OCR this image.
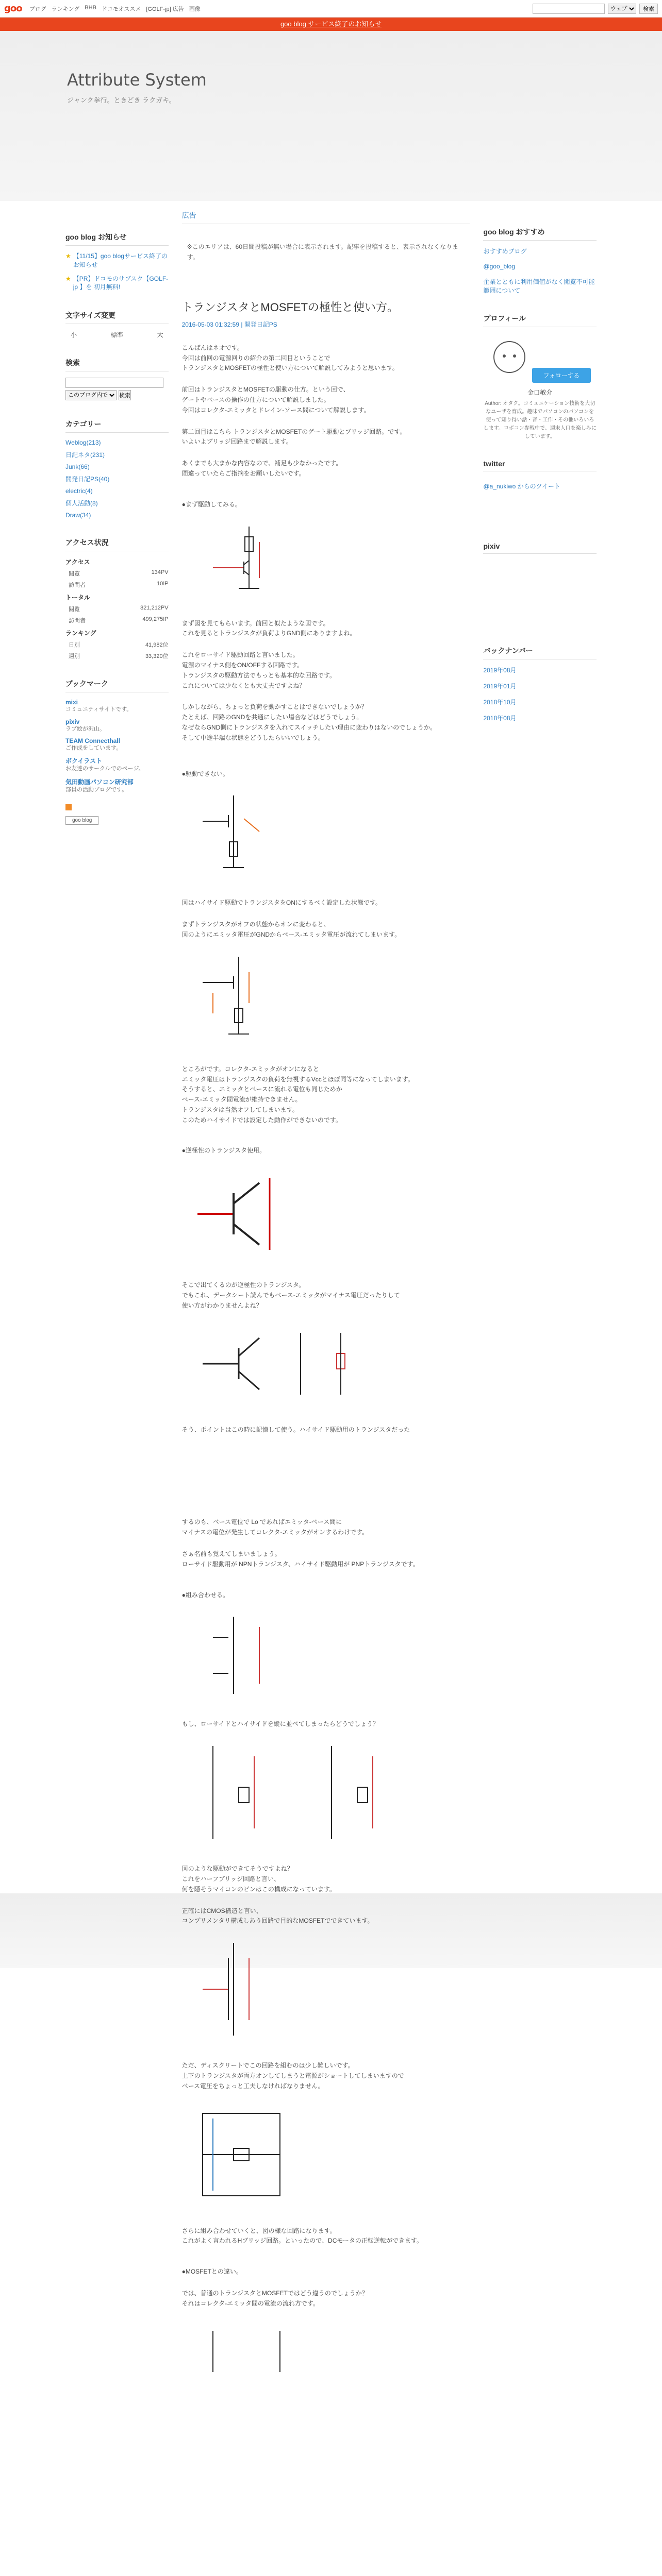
goo ブログ ランキング BHB ドコモオススメ [GOLF-jp] 広告 画像
ウェブ	検索
goo blog サービス終了のお知らせ
Attribute System
ジャンク拳行。ときどき ラクガキ。
goo blog お知らせ
★ 【11/15】goo blogサービス終了のお知らせ
★ 【PR】ドコモのサブスク【GOLF-jp 】を 初月無料!
文字サイズ変更
小	標準	大
検索
このブログ内で
検索
カテゴリー
Weblog(213)
日記ネタ(231)
Junk(66)
開発日記PS(40)
electric(4)
個人活動(8)
Draw(34)
アクセス状況
アクセス
閲覧	134PV
訪問者	10IP
トータル
閲覧	821,212PV
訪問者	499,275IP
ランキング
日別	41,982位
週別	33,320位
ブックマーク
mixi
コミュニティサイトです。
pixiv
ラブ絵が沢山。
TEAM Connecthall
ご作成をしています。
ボクイラスト
お友達のサークルでのページ。
気田動画パソコン研究部
部員の活動ブログです。
goo blog
広告
※このエリアは、60日間投稿が無い場合に表示されます。記事を投稿すると、表示されなくなります。
トランジスタとMOSFETの極性と使い方。
2016-05-03 01:32:59 | 開発日記PS
こんばんはネオです。
今回は前回の電源回りの紹介の第二回目ということで
トランジスタとMOSFETの極性と使い方について解説してみようと思います。
前回はトランジスタとMOSFETの駆動の仕方。という回で、
ゲートやベースの操作の仕方について解説しました。
今回はコレクタ-エミッタとドレイン-ソース間について解説します。
第二回目はこちら トランジスタとMOSFETのゲート駆動とブリッジ回路。です。
いよいよブリッジ回路まで解説します。
あくまでも大まかな内容なので、補足も少なかったです。
間違っていたらご指摘をお願いしたいです。
●まず駆動してみる。
まず図を見てもらいます。前回と似たような図です。
これを見るとトランジスタが負荷よりGND側にありますよね。
これをローサイド駆動回路と言いました。
電源のマイナス側をON/OFFする回路です。
トランジスタの駆動方法でもっとも基本的な回路です。
これについては少なくとも大丈夫ですよね？
しかしながら、ちょっと負荷を動かすことはできないでしょうか？
たとえば、回路のGNDを共通にしたい場合などはどうでしょう。
なぜならGND側にトランジスタを入れてスイッチしたい理由に変わりはないのでしょうか。
そして中途半端な状態をどうしたらいいでしょう。
●駆動できない。
図はハイサイド駆動でトランジスタをONにするべく設定した状態です。
まずトランジスタがオフの状態からオンに変わると、
図のようにエミッタ電圧がGNDからベース-エミッタ電圧が流れてしまいます。
ところがです。コレクタ-エミッタがオンになると
エミッタ電圧はトランジスタの負荷を無視するVccとほぼ同等になってしまいます。
そうすると、エミッタとベースに流れる電位も同じためか
ベース-エミッタ間電流が維持できません。
トランジスタは当然オフしてしまいます。
このためハイサイドでは設定した動作ができないのです。
●逆極性のトランジスタ使用。
そこで出てくるのが逆極性のトランジスタ。
でもこれ、データシート読んでもベース-エミッタがマイナス電圧だったりして
使い方がわかりませんよね？
そう、ポイントはこの時に記憶して使う。ハイサイド駆動用のトランジスタだった
するのも、ベース電位で Lo であればエミッタ-ベース間に
マイナスの電位が発生してコレクタ-エミッタがオンするわけです。
さぁ名前も覚えてしまいましょう。
ローサイド駆動用が NPNトランジスタ、ハイサイド駆動用が PNPトランジスタです。
●組み合わせる。
もし、ローサイドとハイサイドを縦に並べてしまったらどうでしょう？
図のような駆動ができてそうですよね？
これをハーフブリッジ回路と言い、
何を隠そうマイコンのピンはこの構成になっています。
正確にはCMOS構造と言い、
コンプリメンタリ構成しあう回路で目的なMOSFETでできています。
ただ、ディスクリートでこの回路を組むのは少し難しいです。
上下のトランジスタが両方オンしてしまうと電源がショートしてしまいますので
ベース電圧をちょっと工夫しなければなりません。
さらに組み合わせていくと、図の様な回路になります。
これがよく言われるHブリッジ回路。といったので、DCモータの正転逆転ができます。
●MOSFETとの違い。
では、普通のトランジスタとMOSFETではどう違うのでしょうか？
それはコレクタ-エミッタ間の電流の流れ方です。
goo blog おすすめ
おすすめブログ
@goo_blog
企業とともに利用価値がなく閲覧不可能範囲について
プロフィール
フォローする
金口敏介
Author: オタク。コミュニケーション技術を大切なユーザを育成。趣味でパソコンのパソコンを使って知り得い話・音・工作・その他いろいろします。ロボコン参戦中で、週末人口を楽しみにしています。
twitter
@a_nukiwo からのツイート
pixiv
バックナンバー
2019年08月
2019年01月
2018年10月
2018年08月
